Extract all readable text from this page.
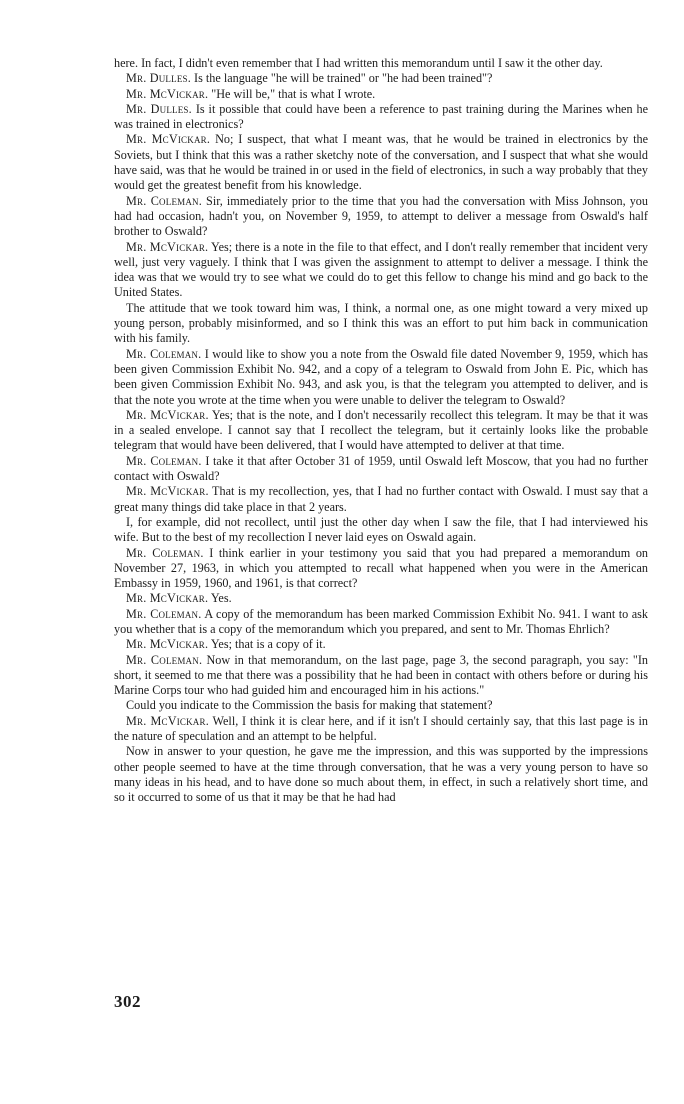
here. In fact, I didn't even remember that I had written this memorandum until I saw it the other day.

Mr. Dulles. Is the language "he will be trained" or "he had been trained"?

Mr. McVickar. "He will be," that is what I wrote.

Mr. Dulles. Is it possible that could have been a reference to past training during the Marines when he was trained in electronics?

Mr. McVickar. No; I suspect, that what I meant was, that he would be trained in electronics by the Soviets, but I think that this was a rather sketchy note of the conversation, and I suspect that what she would have said, was that he would be trained in or used in the field of electronics, in such a way probably that they would get the greatest benefit from his knowledge.

Mr. Coleman. Sir, immediately prior to the time that you had the conversation with Miss Johnson, you had had occasion, hadn't you, on November 9, 1959, to attempt to deliver a message from Oswald's half brother to Oswald?

Mr. McVickar. Yes; there is a note in the file to that effect, and I don't really remember that incident very well, just very vaguely. I think that I was given the assignment to attempt to deliver a message. I think the idea was that we would try to see what we could do to get this fellow to change his mind and go back to the United States.

The attitude that we took toward him was, I think, a normal one, as one might toward a very mixed up young person, probably misinformed, and so I think this was an effort to put him back in communication with his family.

Mr. Coleman. I would like to show you a note from the Oswald file dated November 9, 1959, which has been given Commission Exhibit No. 942, and a copy of a telegram to Oswald from John E. Pic, which has been given Commission Exhibit No. 943, and ask you, is that the telegram you attempted to deliver, and is that the note you wrote at the time when you were unable to deliver the telegram to Oswald?

Mr. McVickar. Yes; that is the note, and I don't necessarily recollect this telegram. It may be that it was in a sealed envelope. I cannot say that I recollect the telegram, but it certainly looks like the probable telegram that would have been delivered, that I would have attempted to deliver at that time.

Mr. Coleman. I take it that after October 31 of 1959, until Oswald left Moscow, that you had no further contact with Oswald?

Mr. McVickar. That is my recollection, yes, that I had no further contact with Oswald. I must say that a great many things did take place in that 2 years.

I, for example, did not recollect, until just the other day when I saw the file, that I had interviewed his wife. But to the best of my recollection I never laid eyes on Oswald again.

Mr. Coleman. I think earlier in your testimony you said that you had prepared a memorandum on November 27, 1963, in which you attempted to recall what happened when you were in the American Embassy in 1959, 1960, and 1961, is that correct?

Mr. McVickar. Yes.

Mr. Coleman. A copy of the memorandum has been marked Commission Exhibit No. 941. I want to ask you whether that is a copy of the memorandum which you prepared, and sent to Mr. Thomas Ehrlich?

Mr. McVickar. Yes; that is a copy of it.

Mr. Coleman. Now in that memorandum, on the last page, page 3, the second paragraph, you say: "In short, it seemed to me that there was a possibility that he had been in contact with others before or during his Marine Corps tour who had guided him and encouraged him in his actions."

Could you indicate to the Commission the basis for making that statement?

Mr. McVickar. Well, I think it is clear here, and if it isn't I should certainly say, that this last page is in the nature of speculation and an attempt to be helpful.

Now in answer to your question, he gave me the impression, and this was supported by the impressions other people seemed to have at the time through conversation, that he was a very young person to have so many ideas in his head, and to have done so much about them, in effect, in such a relatively short time, and so it occurred to some of us that it may be that he had had

302
